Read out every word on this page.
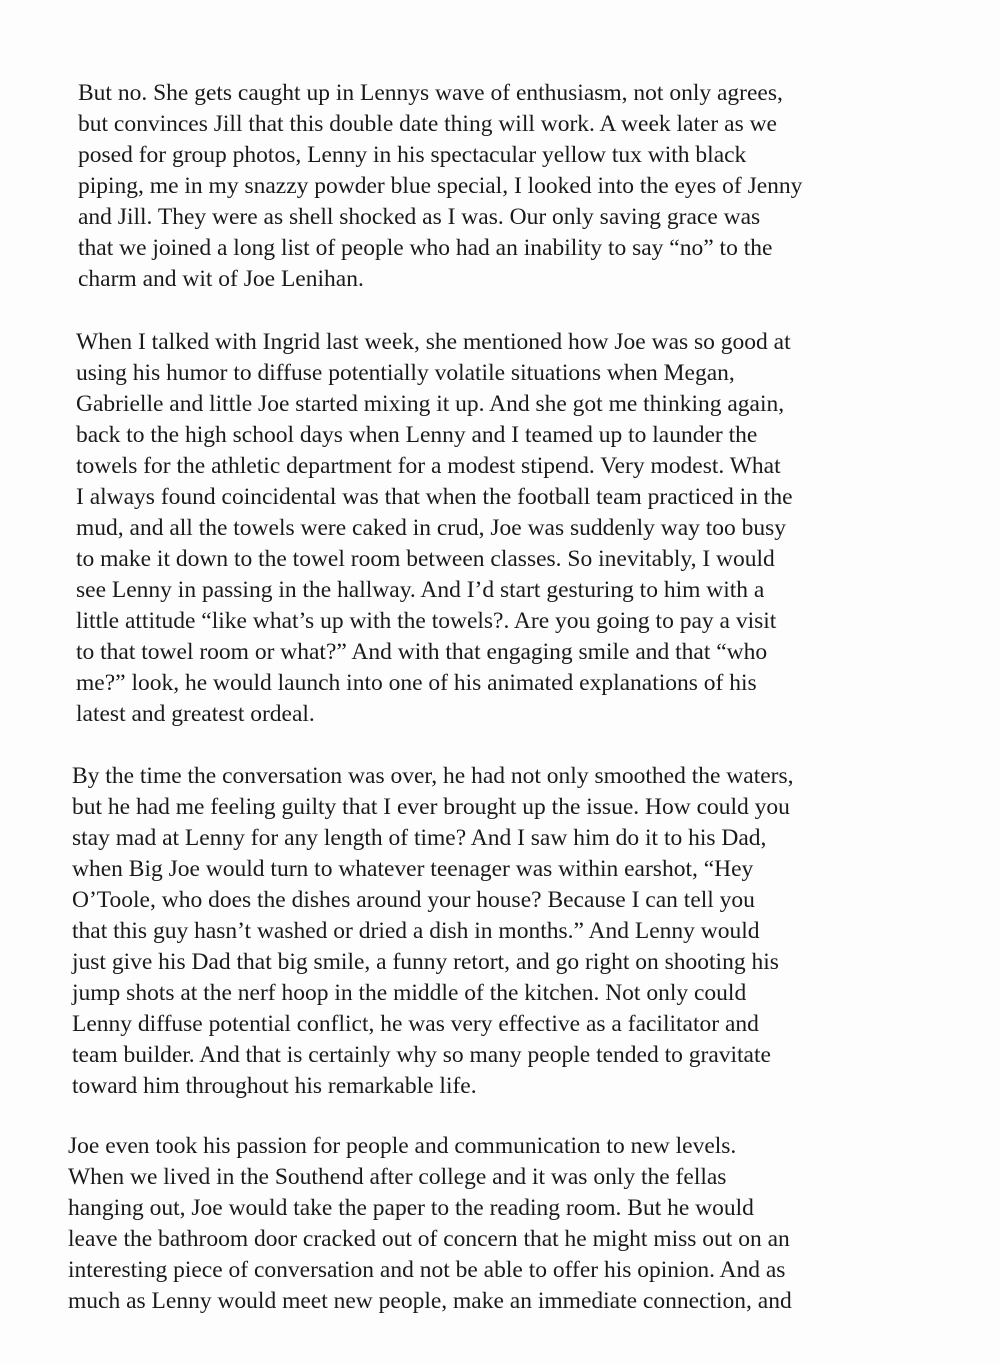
But no. She gets caught up in Lennys wave of enthusiasm, not only agrees,
but convinces Jill that this double date thing will work. A week later as we
posed for group photos, Lenny in his spectacular yellow tux with black
piping, me in my snazzy powder blue special, I looked into the eyes of Jenny
and Jill. They were as shell shocked as I was. Our only saving grace was
that we joined a long list of people who had an inability to say “no” to the
charm and wit of Joe Lenihan.

When I talked with Ingrid last week, she mentioned how Joe was so good at
using his humor to diffuse potentially volatile situations when Megan,
Gabrielle and little Joe started mixing it up. And she got me thinking again,
back to the high school days when Lenny and I teamed up to launder the
towels for the athletic department for a modest stipend. Very modest. What
I always found coincidental was that when the football team practiced in the
mud, and all the towels were caked in crud, Joe was suddenly way too busy
to make it down to the towel room between classes. So inevitably, I would
see Lenny in passing in the hallway. And I’d start gesturing to him with a
little attitude “like what’s up with the towels?. Are you going to pay a visit
to that towel room or what?” And with that engaging smile and that “who
me?” look, he would launch into one of his animated explanations of his
latest and greatest ordeal.

By the time the conversation was over, he had not only smoothed the waters,
but he had me feeling guilty that I ever brought up the issue. How could you
stay mad at Lenny for any length of time? And I saw him do it to his Dad,
when Big Joe would turn to whatever teenager was within earshot, “Hey
O’Toole, who does the dishes around your house? Because I can tell you
that this guy hasn’t washed or dried a dish in months.” And Lenny would
just give his Dad that big smile, a funny retort, and go right on shooting his
jump shots at the nerf hoop in the middle of the kitchen. Not only could
Lenny diffuse potential conflict, he was very effective as a facilitator and
team builder. And that is certainly why so many people tended to gravitate
toward him throughout his remarkable life.

Joe even took his passion for people and communication to new levels.
When we lived in the Southend after college and it was only the fellas
hanging out, Joe would take the paper to the reading room. But he would
leave the bathroom door cracked out of concern that he might miss out on an
interesting piece of conversation and not be able to offer his opinion. And as
much as Lenny would meet new people, make an immediate connection, and
